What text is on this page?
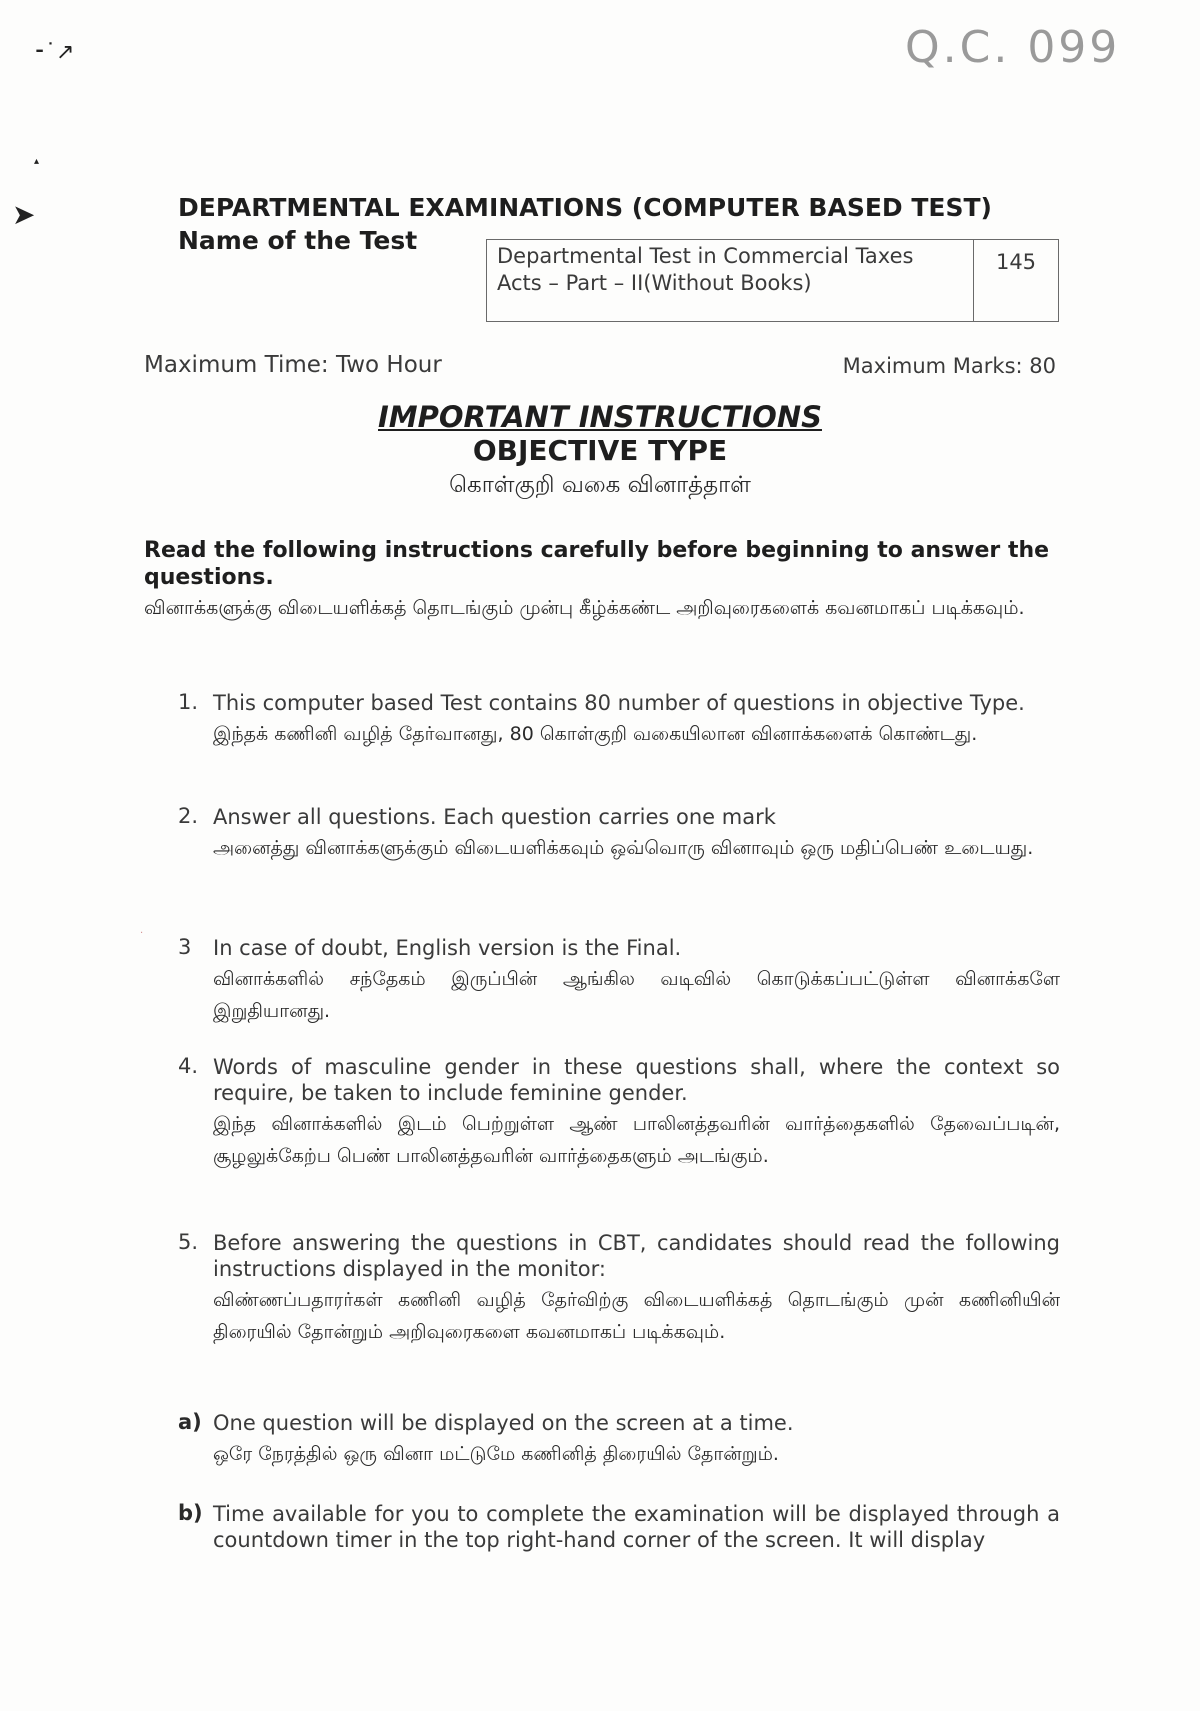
Q.C. 099
⁃˙↗
▴
➤
·
DEPARTMENTAL EXAMINATIONS (COMPUTER BASED TEST)
Name of the Test
Departmental Test in Commercial Taxes Acts – Part – II(Without Books)
145
Maximum Time: Two Hour	Maximum Marks: 80
IMPORTANT INSTRUCTIONS
OBJECTIVE TYPE
கொள்குறி வகை வினாத்தாள்
Read the following instructions carefully before beginning to answer the questions.
வினாக்களுக்கு விடையளிக்கத் தொடங்கும் முன்பு கீழ்க்கண்ட அறிவுரைகளைக் கவனமாகப் படிக்கவும்.
1. This computer based Test contains 80 number of questions in objective Type.
இந்தக் கணினி வழித் தேர்வானது, 80 கொள்குறி வகையிலான வினாக்களைக் கொண்டது.
2. Answer all questions. Each question carries one mark
அனைத்து வினாக்களுக்கும் விடையளிக்கவும் ஒவ்வொரு வினாவும் ஒரு மதிப்பெண் உடையது.
3 In case of doubt, English version is the Final.
வினாக்களில் சந்தேகம் இருப்பின் ஆங்கில வடிவில் கொடுக்கப்பட்டுள்ள வினாக்களே இறுதியானது.
4. Words of masculine gender in these questions shall, where the context so require, be taken to include feminine gender.
இந்த வினாக்களில் இடம் பெற்றுள்ள ஆண் பாலினத்தவரின் வார்த்தைகளில் தேவைப்படின், சூழலுக்கேற்ப பெண் பாலினத்தவரின் வார்த்தைகளும் அடங்கும்.
5. Before answering the questions in CBT, candidates should read the following instructions displayed in the monitor:
விண்ணப்பதாரர்கள் கணினி வழித் தேர்விற்கு விடையளிக்கத் தொடங்கும் முன் கணினியின் திரையில் தோன்றும் அறிவுரைகளை கவனமாகப் படிக்கவும்.
a) One question will be displayed on the screen at a time.
ஒரே நேரத்தில் ஒரு வினா மட்டுமே கணினித் திரையில் தோன்றும்.
b) Time available for you to complete the examination will be displayed through a countdown timer in the top right-hand corner of the screen. It will display
